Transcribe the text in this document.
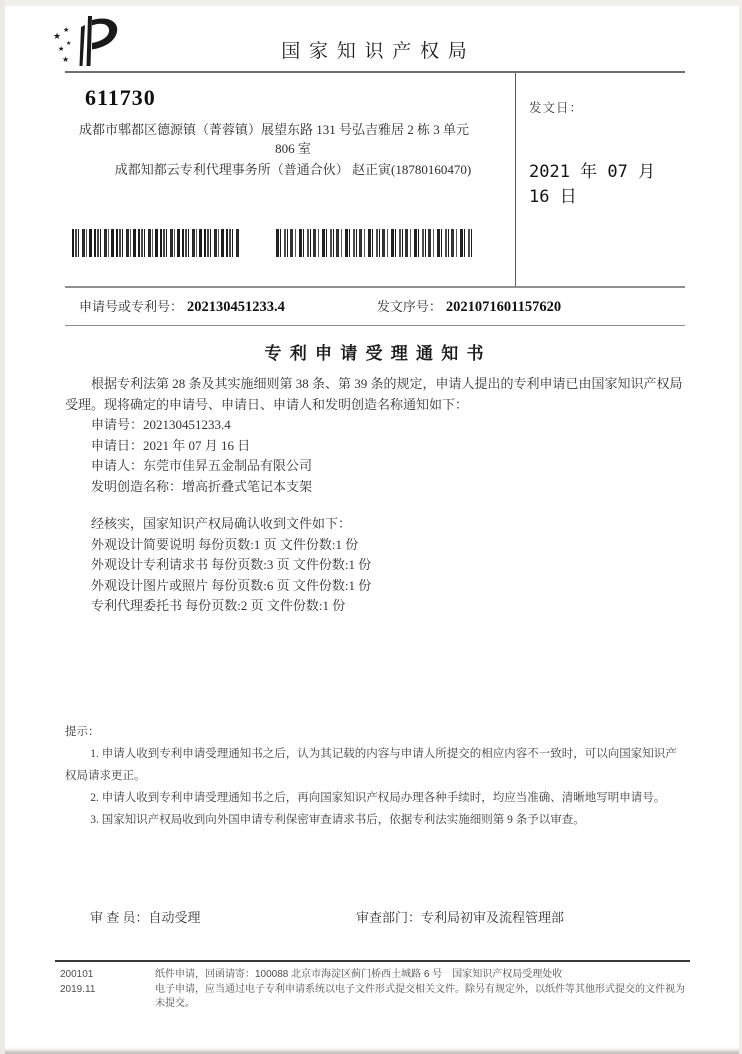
★
★
★
★
★	国 家 知 识 产 权 局
611730
成都市郫都区德源镇（菁蓉镇）展望东路 131 号弘吉雅居 2 栋 3 单元
806 室
成都知都云专利代理事务所（普通合伙） 赵正寅(18780160470)
发文日：
2021 年 07 月 16 日
申请号或专利号： 202130451233.4	发文序号： 2021071601157620
专 利 申 请 受 理 通 知 书

根据专利法第 28 条及其实施细则第 38 条、第 39 条的规定，申请人提出的专利申请已由国家知识产权局受理。现将确定的申请号、申请日、申请人和发明创造名称通知如下：

申请号：202130451233.4

申请日：2021 年 07 月 16 日

申请人：东莞市佳昇五金制品有限公司

发明创造名称：增高折叠式笔记本支架

经核实，国家知识产权局确认收到文件如下：

外观设计简要说明 每份页数:1 页 文件份数:1 份

外观设计专利请求书 每份页数:3 页 文件份数:1 份

外观设计图片或照片 每份页数:6 页 文件份数:1 份

专利代理委托书 每份页数:2 页 文件份数:1 份

提示：

1. 申请人收到专利申请受理通知书之后，认为其记载的内容与申请人所提交的相应内容不一致时，可以向国家知识产权局请求更正。

2. 申请人收到专利申请受理通知书之后，再向国家知识产权局办理各种手续时，均应当准确、清晰地写明申请号。

3. 国家知识产权局收到向外国申请专利保密审查请求书后，依据专利法实施细则第 9 条予以审查。

审 查 员：自动受理	审查部门：专利局初审及流程管理部
200101	纸件申请，回函请寄：100088 北京市海淀区蓟门桥西土城路 6 号　国家知识产权局受理处收
2019.11	电子申请，应当通过电子专利申请系统以电子文件形式提交相关文件。除另有规定外，以纸件等其他形式提交的文件视为未提交。
